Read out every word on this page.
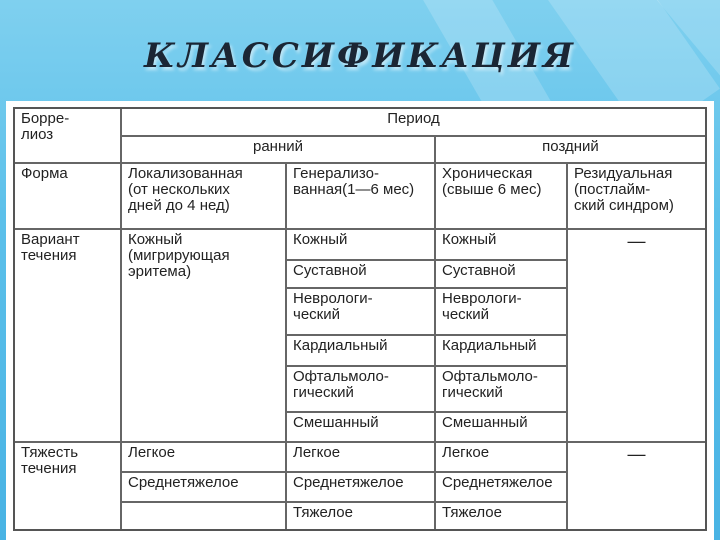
КЛАССИФИКАЦИЯ
Борре-
лиоз
Период
ранний	поздний
Форма	Локализованная
(от нескольких
дней до 4 нед)
Генерализо-
ванная(1—6 мес)
Хроническая
(свыше 6 мес)
Резидуальная
(постлайм-
ский синдром)
Вариант
течения
Кожный
(мигрирующая
эритема)
Кожный
Суставной
Неврологи-
ческий
Кардиальный
Офтальмоло-
гический
Смешанный
Кожный
Суставной
Неврологи-
ческий
Кардиальный
Офтальмоло-
гический
Смешанный
—
Тяжесть
течения
Легкое
Среднетяжелое
Легкое
Среднетяжелое
Тяжелое
Легкое
Среднетяжелое
Тяжелое
—
